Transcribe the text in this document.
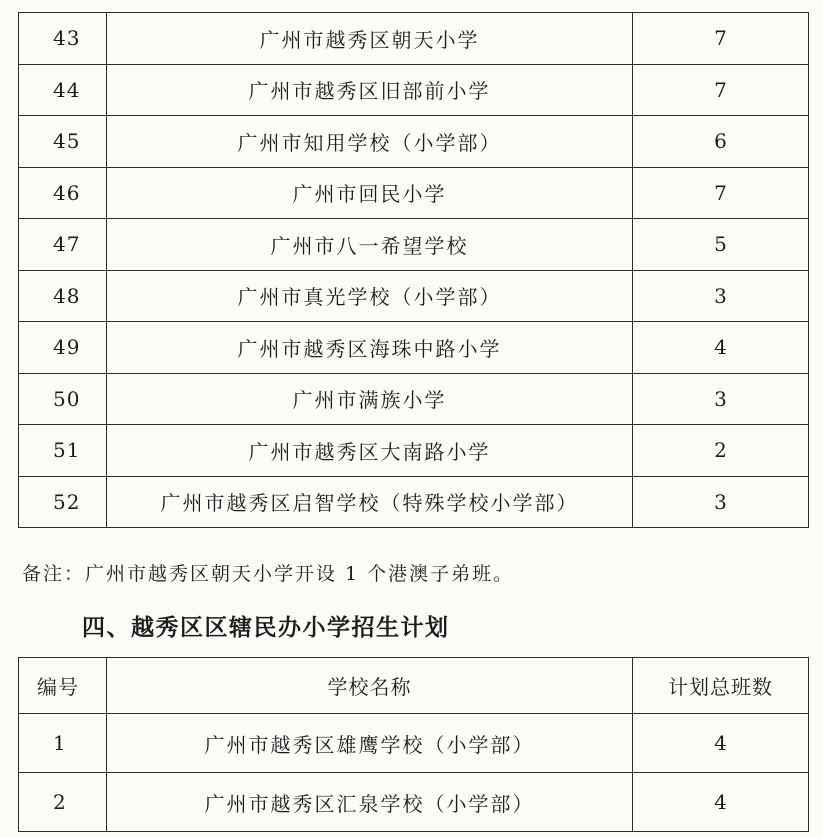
43	广州市越秀区朝天小学	7
44	广州市越秀区旧部前小学	7
45	广州市知用学校（小学部）	6
46	广州市回民小学	7
47	广州市八一希望学校	5
48	广州市真光学校（小学部）	3
49	广州市越秀区海珠中路小学	4
50	广州市满族小学	3
51	广州市越秀区大南路小学	2
52	广州市越秀区启智学校（特殊学校小学部）	3
备注：广州市越秀区朝天小学开设 1 个港澳子弟班。
四、越秀区区辖民办小学招生计划
编号	学校名称	计划总班数
1	广州市越秀区雄鹰学校（小学部）	4
2	广州市越秀区汇泉学校（小学部）	4
